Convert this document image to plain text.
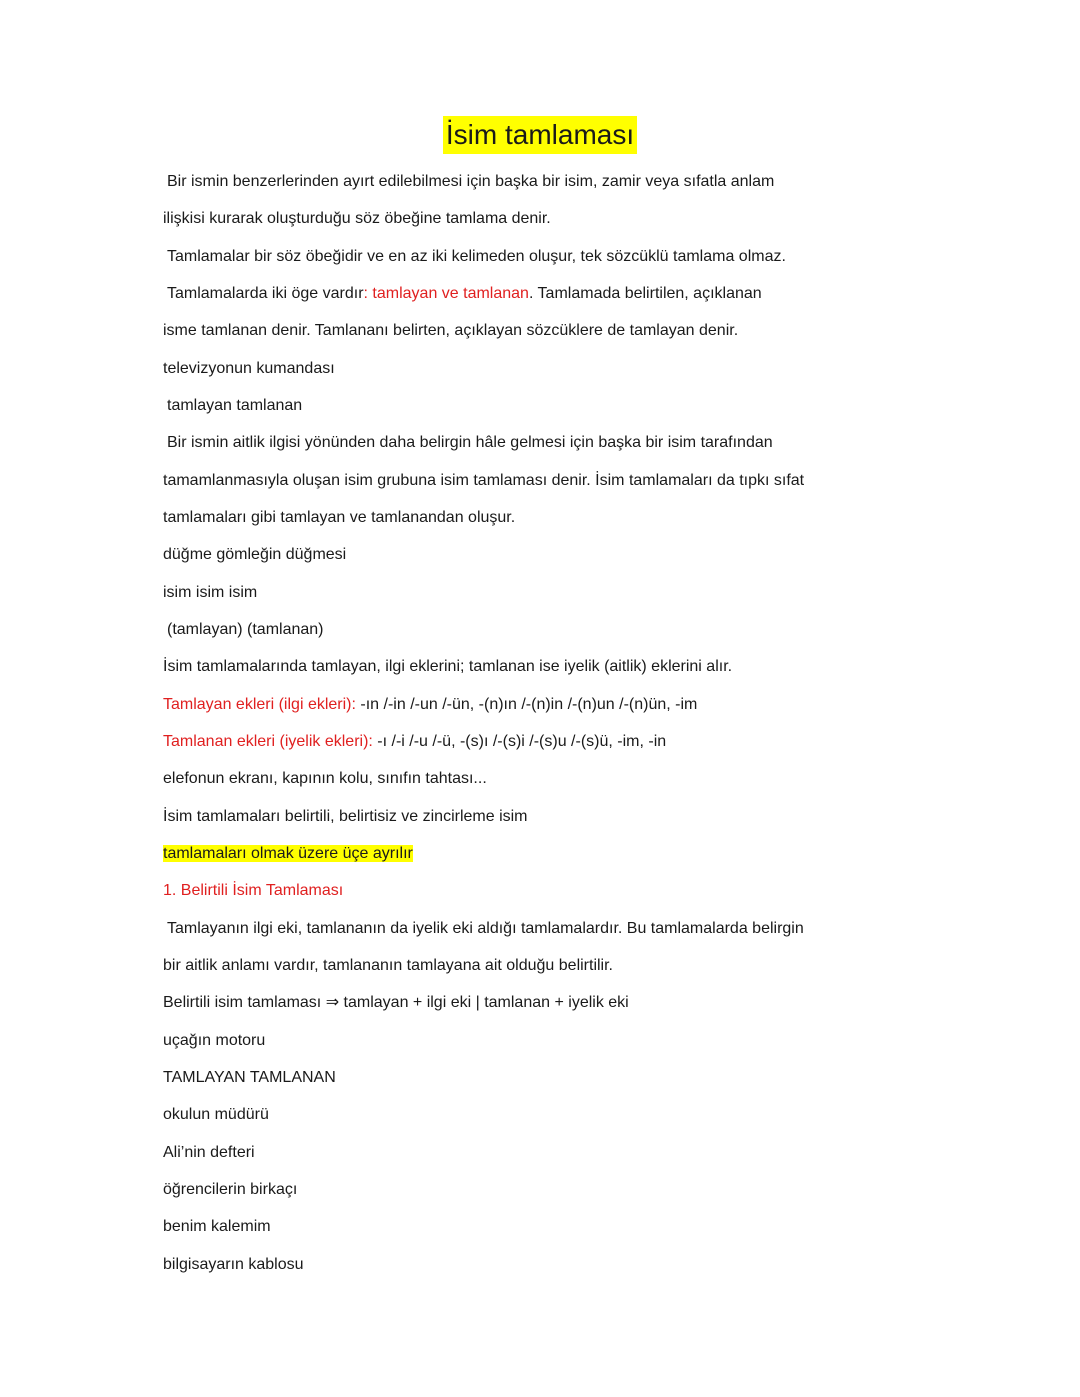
İsim tamlaması
Bir ismin benzerlerinden ayırt edilebilmesi için başka bir isim, zamir veya sıfatla anlam
ilişkisi kurarak oluşturduğu söz öbeğine tamlama denir.
Tamlamalar bir söz öbeğidir ve en az iki kelimeden oluşur, tek sözcüklü tamlama olmaz.
Tamlamalarda iki öge vardır: tamlayan ve tamlanan. Tamlamada belirtilen, açıklanan
isme tamlanan denir. Tamlananı belirten, açıklayan sözcüklere de tamlayan denir.
televizyonun kumandası
tamlayan tamlanan
Bir ismin aitlik ilgisi yönünden daha belirgin hâle gelmesi için başka bir isim tarafından
tamamlanmasıyla oluşan isim grubuna isim tamlaması denir. İsim tamlamaları da tıpkı sıfat
tamlamaları gibi tamlayan ve tamlanandan oluşur.
düğme gömleğin düğmesi
isim isim isim
(tamlayan) (tamlanan)
İsim tamlamalarında tamlayan, ilgi eklerini; tamlanan ise iyelik (aitlik) eklerini alır.
Tamlayan ekleri (ilgi ekleri): -ın /-in /-un /-ün, -(n)ın /-(n)in /-(n)un /-(n)ün, -im
Tamlanan ekleri (iyelik ekleri): -ı /-i /-u /-ü, -(s)ı /-(s)i /-(s)u /-(s)ü, -im, -in
elefonun ekranı, kapının kolu, sınıfın tahtası...
İsim tamlamaları belirtili, belirtisiz ve zincirleme isim
tamlamaları olmak üzere üçe ayrılır
1. Belirtili İsim Tamlaması
Tamlayanın ilgi eki, tamlananın da iyelik eki aldığı tamlamalardır. Bu tamlamalarda belirgin
bir aitlik anlamı vardır, tamlananın tamlayana ait olduğu belirtilir.
Belirtili isim tamlaması ⇒ tamlayan + ilgi eki | tamlanan + iyelik eki
uçağın motoru
TAMLAYAN TAMLANAN
okulun müdürü
Ali’nin defteri
öğrencilerin birkaçı
benim kalemim
bilgisayarın kablosu
